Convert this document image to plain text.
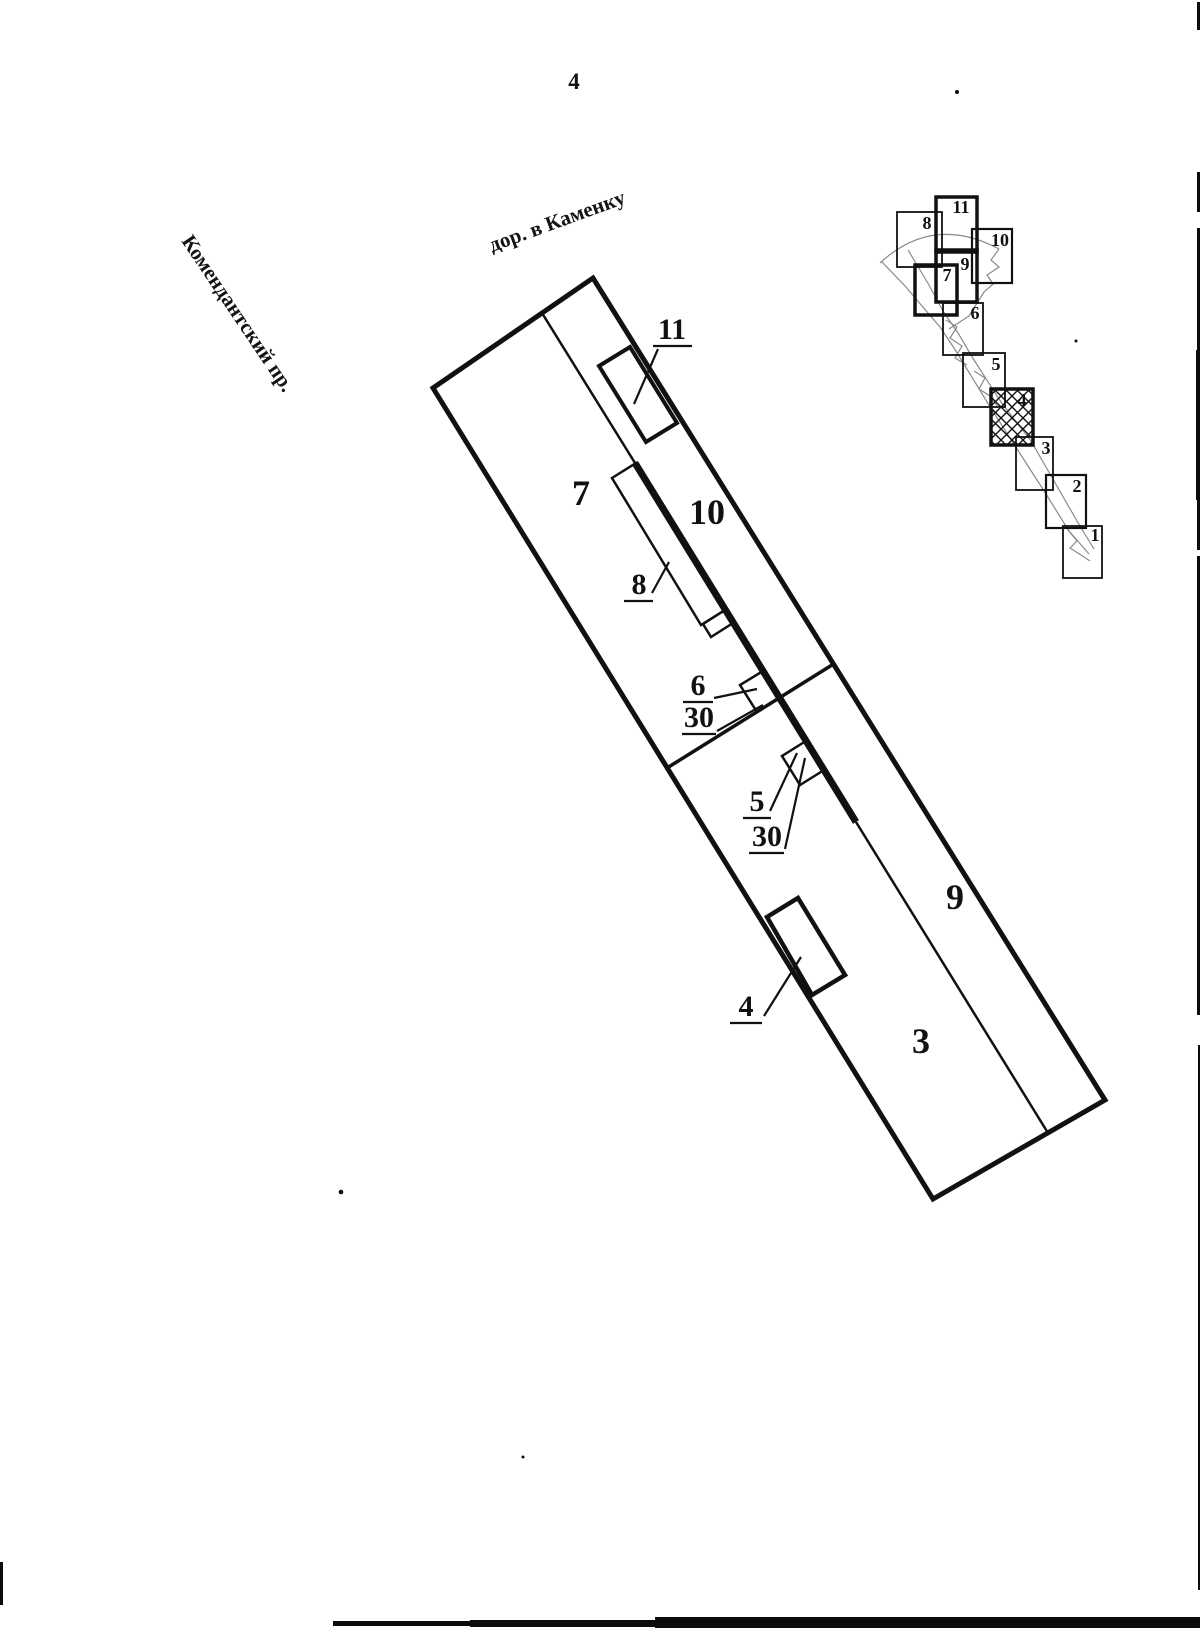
4
Комендантский пр.
дор. в Каменку
7	10
9
3
11
8
6
30
5
30
4
11
8
10
9
7
6
5
4
3
2
1
